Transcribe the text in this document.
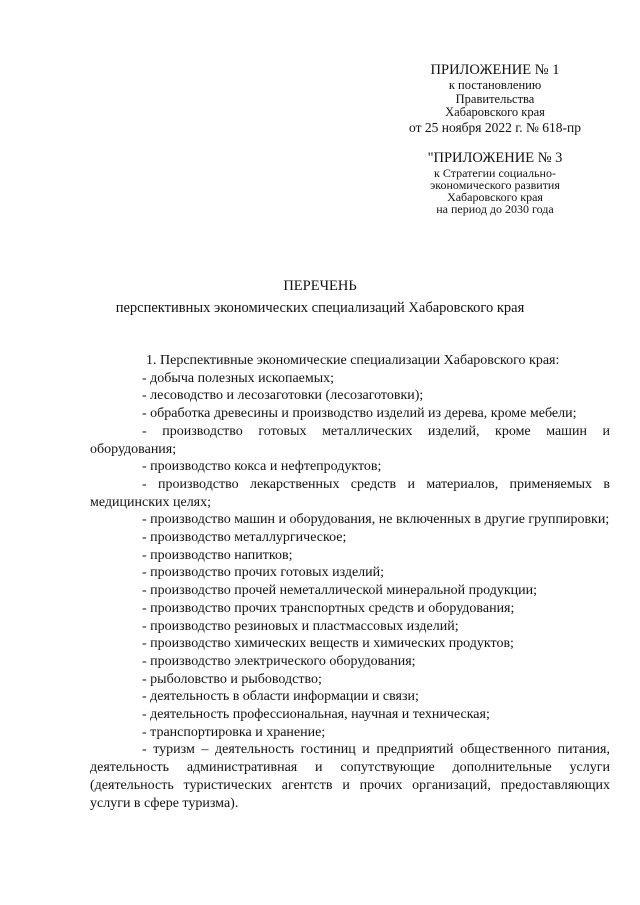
ПРИЛОЖЕНИЕ № 1
к постановлению
Правительства
Хабаровского края
от 25 ноября 2022 г. № 618-пр
"ПРИЛОЖЕНИЕ № 3
к Стратегии социально-
экономического развития
Хабаровского края
на период до 2030 года
ПЕРЕЧЕНЬ
перспективных экономических специализаций Хабаровского края

1. Перспективные экономические специализации Хабаровского края:

- добыча полезных ископаемых;

- лесоводство и лесозаготовки (лесозаготовки);

- обработка древесины и производство изделий из дерева, кроме мебели;

- производство готовых металлических изделий, кроме машин и оборудования;

- производство кокса и нефтепродуктов;

- производство лекарственных средств и материалов, применяемых в медицинских целях;

- производство машин и оборудования, не включенных в другие группировки;

- производство металлургическое;

- производство напитков;

- производство прочих готовых изделий;

- производство прочей неметаллической минеральной продукции;

- производство прочих транспортных средств и оборудования;

- производство резиновых и пластмассовых изделий;

- производство химических веществ и химических продуктов;

- производство электрического оборудования;

- рыболовство и рыбоводство;

- деятельность в области информации и связи;

- деятельность профессиональная, научная и техническая;

- транспортировка и хранение;

- туризм – деятельность гостиниц и предприятий общественного питания, деятельность административная и сопутствующие дополнительные услуги (деятельность туристических агентств и прочих организаций, предоставляющих услуги в сфере туризма).
